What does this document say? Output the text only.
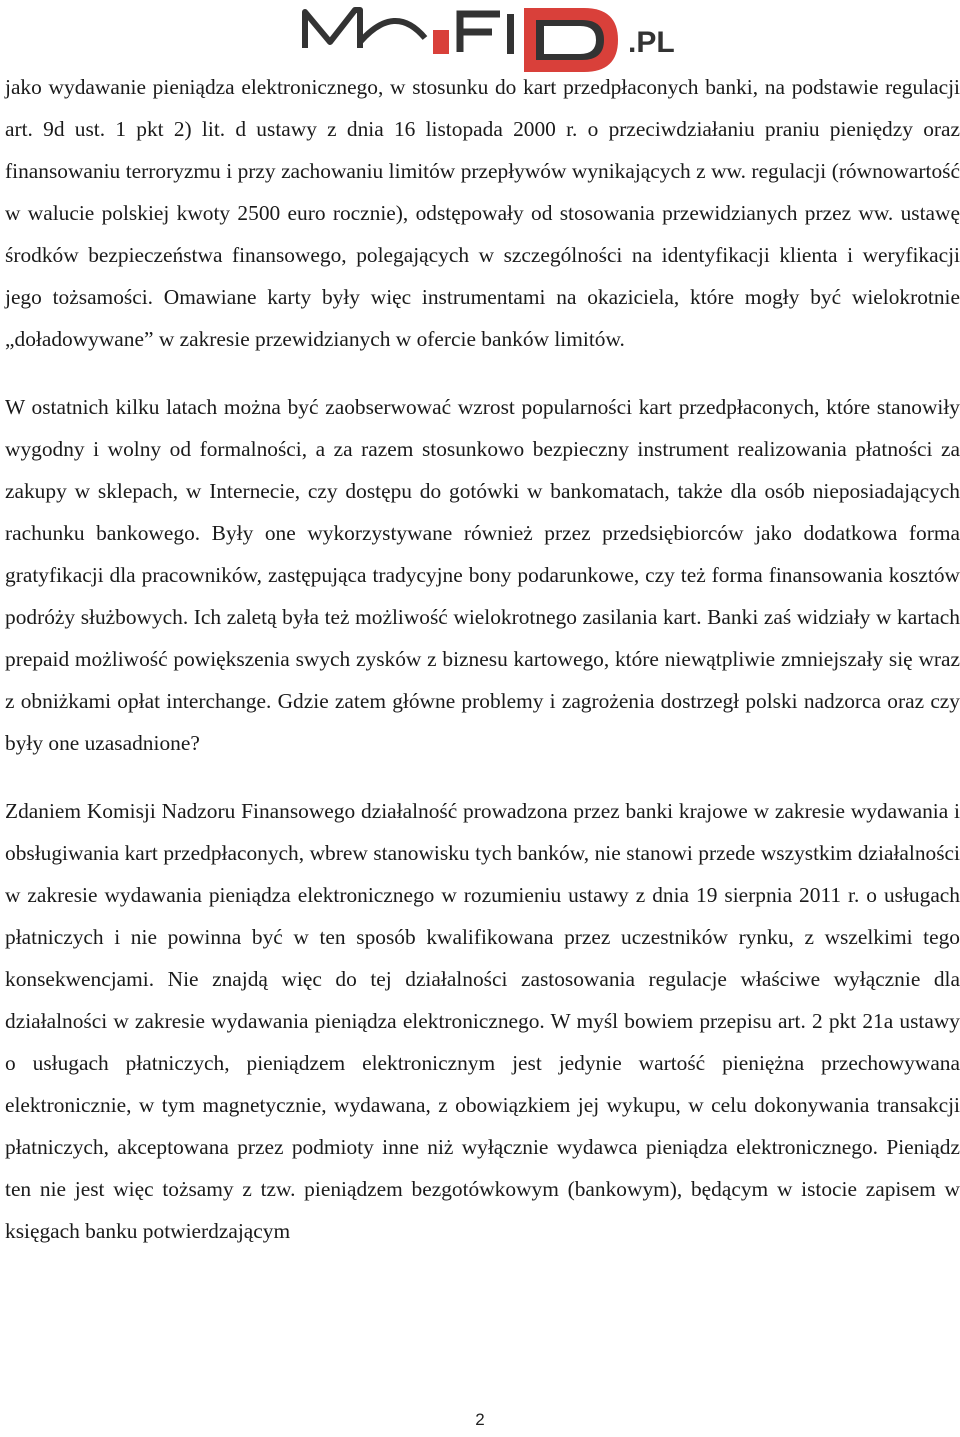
.PL

jako wydawanie pieniądza elektronicznego, w stosunku do kart przedpłaconych banki, na podstawie regulacji art. 9d ust. 1 pkt 2) lit. d ustawy z dnia 16 listopada 2000 r. o przeciwdziałaniu praniu pieniędzy oraz finansowaniu terroryzmu i przy zachowaniu limitów przepływów wynikających z ww. regulacji (równowartość w walucie polskiej kwoty 2500 euro rocznie), odstępowały od stosowania przewidzianych przez ww. ustawę środków bezpieczeństwa finansowego, polegających w szczególności na identyfikacji klienta i weryfikacji jego tożsamości. Omawiane karty były więc instrumentami na okaziciela, które mogły być wielokrotnie „doładowywane” w zakresie przewidzianych w ofercie banków limitów.

W ostatnich kilku latach można być zaobserwować wzrost popularności kart przedpłaconych, które stanowiły wygodny i wolny od formalności, a za razem stosunkowo bezpieczny instrument realizowania płatności za zakupy w sklepach, w Internecie, czy dostępu do gotówki w bankomatach, także dla osób nieposiadających rachunku bankowego. Były one wykorzystywane również przez przedsiębiorców jako dodatkowa forma gratyfikacji dla pracowników, zastępująca tradycyjne bony podarunkowe, czy też forma finansowania kosztów podróży służbowych. Ich zaletą była też możliwość wielokrotnego zasilania kart. Banki zaś widziały w kartach prepaid możliwość powiększenia swych zysków z biznesu kartowego, które niewątpliwie zmniejszały się wraz z obniżkami opłat interchange. Gdzie zatem główne problemy i zagrożenia dostrzegł polski nadzorca oraz czy były one uzasadnione?

Zdaniem Komisji Nadzoru Finansowego działalność prowadzona przez banki krajowe w zakresie wydawania i obsługiwania kart przedpłaconych, wbrew stanowisku tych banków, nie stanowi przede wszystkim działalności w zakresie wydawania pieniądza elektronicznego w rozumieniu ustawy z dnia 19 sierpnia 2011 r. o usługach płatniczych i nie powinna być w ten sposób kwalifikowana przez uczestników rynku, z wszelkimi tego konsekwencjami. Nie znajdą więc do tej działalności zastosowania regulacje właściwe wyłącznie dla działalności w zakresie wydawania pieniądza elektronicznego. W myśl bowiem przepisu art. 2 pkt 21a ustawy o usługach płatniczych, pieniądzem elektronicznym jest jedynie wartość pieniężna przechowywana elektronicznie, w tym magnetycznie, wydawana, z obowiązkiem jej wykupu, w celu dokonywania transakcji płatniczych, akceptowana przez podmioty inne niż wyłącznie wydawca pieniądza elektronicznego. Pieniądz ten nie jest więc tożsamy z tzw. pieniądzem bezgotówkowym (bankowym), będącym w istocie zapisem w księgach banku potwierdzającym

2
